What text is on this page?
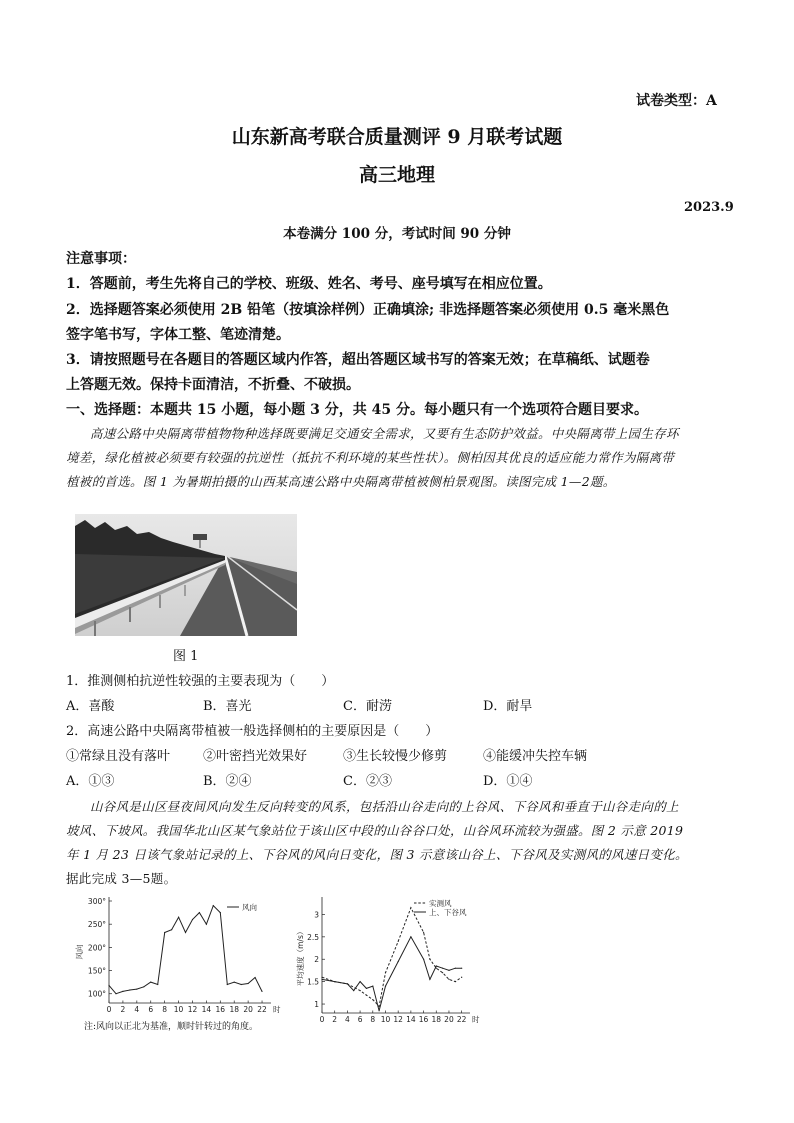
试卷类型：A
山东新高考联合质量测评 9 月联考试题
高三地理
2023.9
本卷满分 100 分，考试时间 90 分钟
注意事项：
1．答题前，考生先将自己的学校、班级、姓名、考号、座号填写在相应位置。
2．选择题答案必须使用 2B 铅笔（按填涂样例）正确填涂; 非选择题答案必须使用 0.5 毫米黑色
签字笔书写，字体工整、笔迹清楚。
3．请按照题号在各题目的答题区域内作答，超出答题区域书写的答案无效；在草稿纸、试题卷
上答题无效。保持卡面清洁，不折叠、不破损。
一、选择题：本题共 15 小题，每小题 3 分，共 45 分。每小题只有一个选项符合题目要求。
高速公路中央隔离带植物物种选择既要满足交通安全需求，又要有生态防护效益。中央隔离带上园生存环
境差，绿化植被必须要有较强的抗逆性（抵抗不利环境的某些性状）。侧柏因其优良的适应能力常作为隔离带
植被的首选。图 1 为暑期拍摄的山西某高速公路中央隔离带植被侧柏景观图。读图完成 1—2题。
图 1
1．推测侧柏抗逆性较强的主要表现为（　　）
A．喜酸	B．喜光	C．耐涝	D．耐旱
2．高速公路中央隔离带植被一般选择侧柏的主要原因是（　　）
①常绿且没有落叶	②叶密挡光效果好	③生长较慢少修剪	④能缓冲失控车辆
A．①③	B．②④	C．②③	D．①④
山谷风是山区昼夜间风向发生反向转变的风系，包括沿山谷走向的上谷风、下谷风和垂直于山谷走向的上
坡风、下坡风。我国华北山区某气象站位于该山区中段的山谷谷口处，山谷风环流较为强盛。图 2 示意 2019
年 1 月 23 日该气象站记录的上、下谷风的风向日变化，图 3 示意该山谷上、下谷风及实测风的风速日变化。
据此完成 3—5题。
300°
250°
200°
150°
100°
0 2 4 6 8 10 12 14 16 18 20 22 时
风向
风向
注:风向以正北为基准，顺时针转过的角度。
3
2.5
2
1.5
1
0 2 4 6 8 10 12 14 16 18 20 22 时
平均速度（m/s）
实测风
上、下谷风
